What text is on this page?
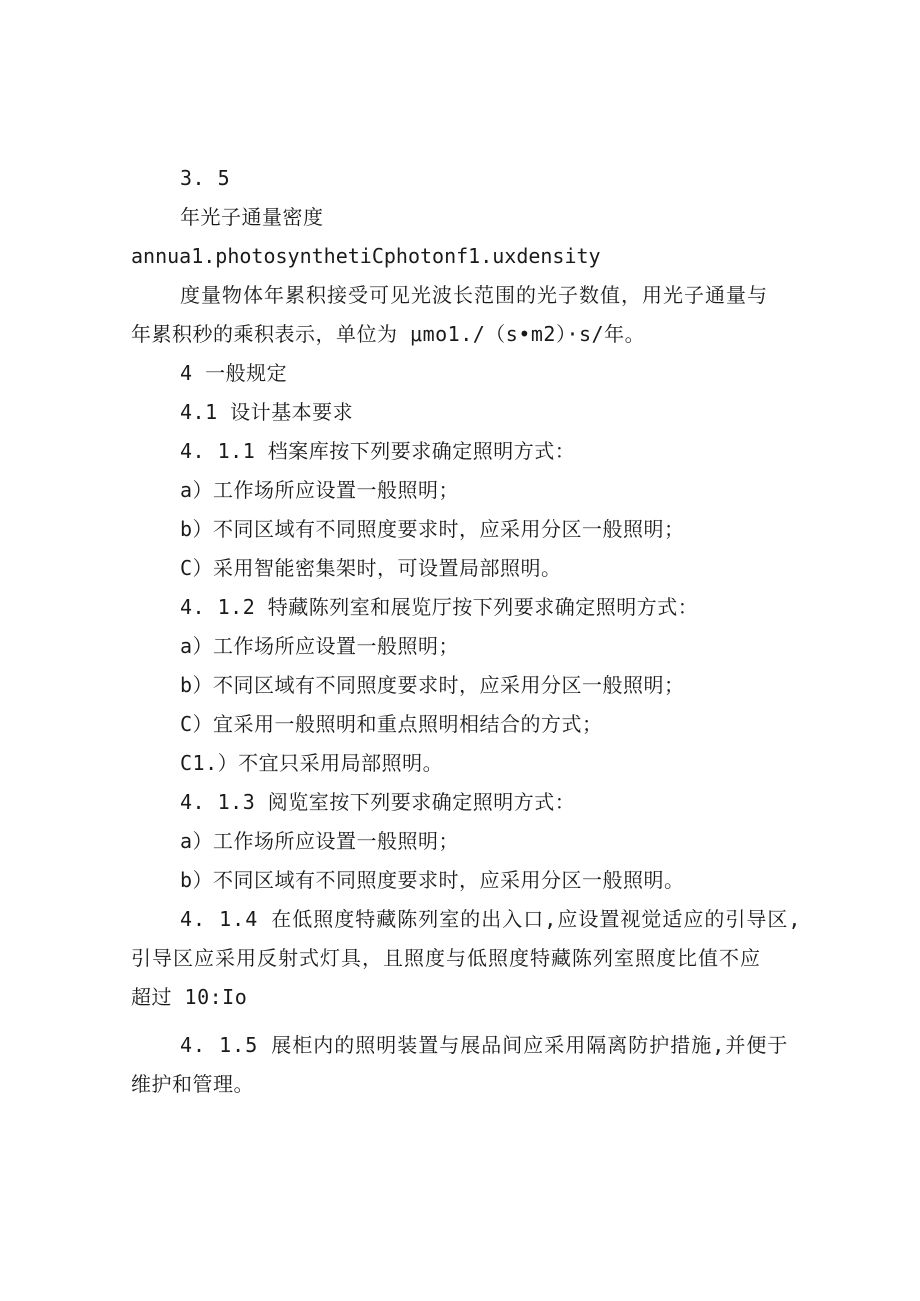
3. 5
年光子通量密度
annua1.photosynthetiCphotonf1.uxdensity
度量物体年累积接受可见光波长范围的光子数值，用光子通量与
年累积秒的乘积表示，单位为 μmo1./（s•m2）·s/年。
4 一般规定
4.1 设计基本要求
4. 1.1 档案库按下列要求确定照明方式：
a）工作场所应设置一般照明；
b）不同区域有不同照度要求时，应采用分区一般照明；
C）采用智能密集架时，可设置局部照明。
4. 1.2 特藏陈列室和展览厅按下列要求确定照明方式：
a）工作场所应设置一般照明；
b）不同区域有不同照度要求时，应采用分区一般照明；
C）宜采用一般照明和重点照明相结合的方式；
C1.）不宜只采用局部照明。
4. 1.3 阅览室按下列要求确定照明方式：
a）工作场所应设置一般照明；
b）不同区域有不同照度要求时，应采用分区一般照明。
4. 1.4 在低照度特藏陈列室的出入口,应设置视觉适应的引导区,
引导区应采用反射式灯具，且照度与低照度特藏陈列室照度比值不应
超过 10:Io
4. 1.5 展柜内的照明装置与展品间应采用隔离防护措施,并便于
维护和管理。
